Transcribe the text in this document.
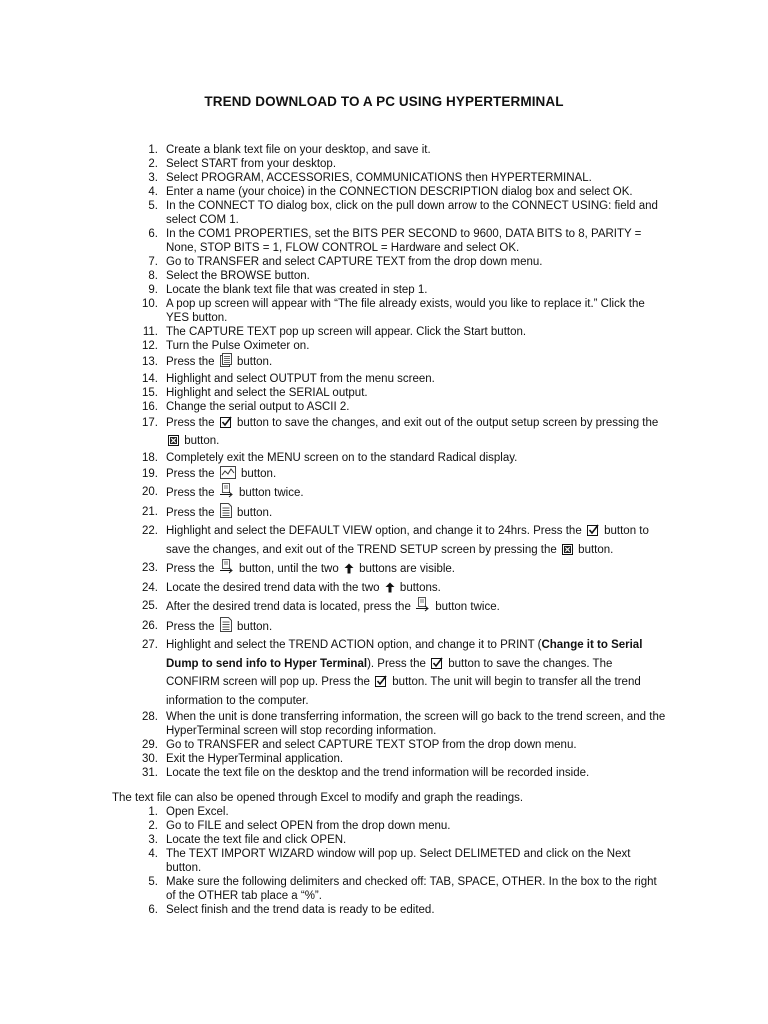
TREND DOWNLOAD TO A PC USING HYPERTERMINAL
1. Create a blank text file on your desktop, and save it.
2. Select START from your desktop.
3. Select PROGRAM, ACCESSORIES, COMMUNICATIONS then HYPERTERMINAL.
4. Enter a name (your choice) in the CONNECTION DESCRIPTION dialog box and select OK.
5. In the CONNECT TO dialog box, click on the pull down arrow to the CONNECT USING: field and select COM 1.
6. In the COM1 PROPERTIES, set the BITS PER SECOND to 9600, DATA BITS to 8, PARITY = None, STOP BITS = 1, FLOW CONTROL = Hardware and select OK.
7. Go to TRANSFER and select CAPTURE TEXT from the drop down menu.
8. Select the BROWSE button.
9. Locate the blank text file that was created in step 1.
10. A pop up screen will appear with “The file already exists, would you like to replace it.” Click the YES button.
11. The CAPTURE TEXT pop up screen will appear. Click the Start button.
12. Turn the Pulse Oximeter on.
13. Press the
button.
14. Highlight and select OUTPUT from the menu screen.
15. Highlight and select the SERIAL output.
16. Change the serial output to ASCII 2.
17. Press the
button to save the changes, and exit out of the output setup screen by pressing the
button.
18. Completely exit the MENU screen on to the standard Radical display.
19. Press the
button.
20. Press the
button twice.
21. Press the
button.
22. Highlight and select the DEFAULT VIEW option, and change it to 24hrs. Press the
button to save the changes, and exit out of the TREND SETUP screen by pressing the
button.
23. Press the
button, until the two
buttons are visible.
24. Locate the desired trend data with the two
buttons.
25. After the desired trend data is located, press the
button twice.
26. Press the
button.
27. Highlight and select the TREND ACTION option, and change it to PRINT (Change it to Serial Dump to send info to Hyper Terminal). Press the
button to save the changes. The CONFIRM screen will pop up. Press the
button. The unit will begin to transfer all the trend information to the computer.
28. When the unit is done transferring information, the screen will go back to the trend screen, and the HyperTerminal screen will stop recording information.
29. Go to TRANSFER and select CAPTURE TEXT STOP from the drop down menu.
30. Exit the HyperTerminal application.
31. Locate the text file on the desktop and the trend information will be recorded inside.
The text file can also be opened through Excel to modify and graph the readings.
1. Open Excel.
2. Go to FILE and select OPEN from the drop down menu.
3. Locate the text file and click OPEN.
4. The TEXT IMPORT WIZARD window will pop up. Select DELIMETED and click on the Next button.
5. Make sure the following delimiters and checked off: TAB, SPACE, OTHER. In the box to the right of the OTHER tab place a “%”.
6. Select finish and the trend data is ready to be edited.
